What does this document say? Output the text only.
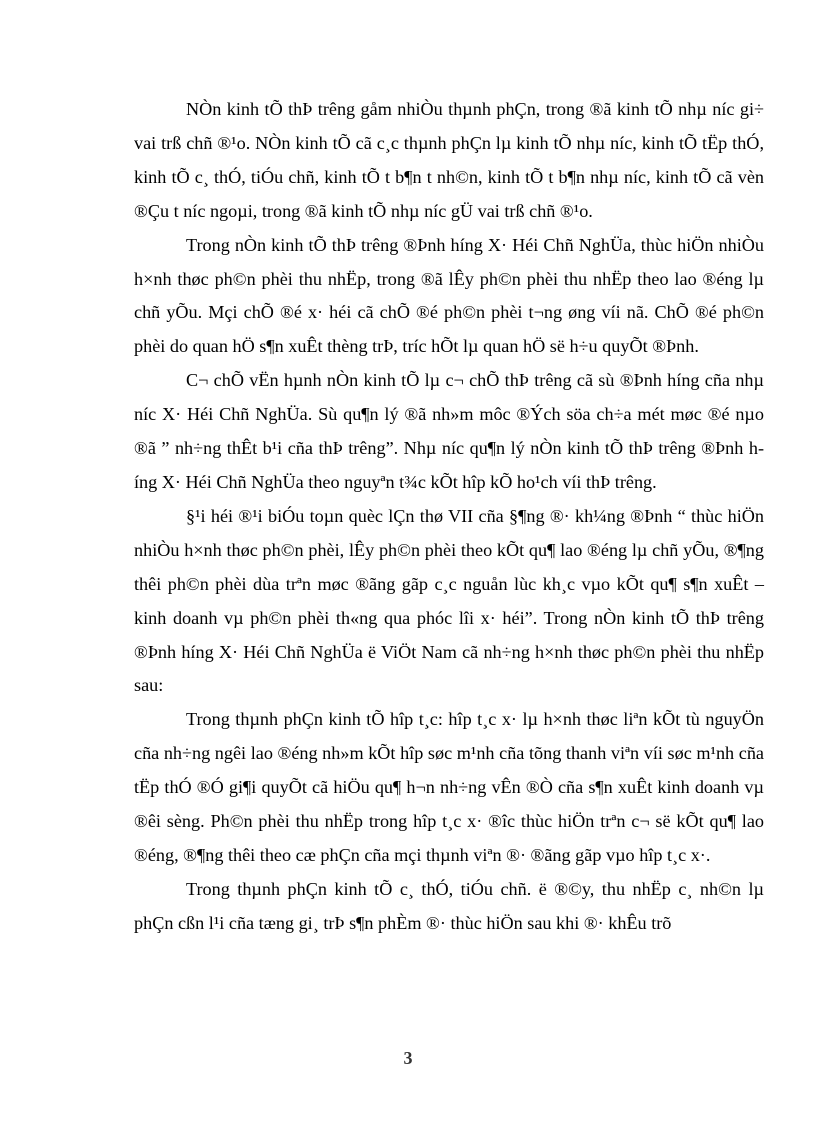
NÒn kinh tÕ thÞ trêng gåm nhiÒu thµnh phÇn, trong ®ã kinh tÕ nhµ níc gi÷ vai trß chñ ®¹o. NÒn kinh tÕ cã c¸c thµnh phÇn lµ kinh tÕ nhµ níc, kinh tÕ tËp thÓ, kinh tÕ c¸ thÓ, tiÓu chñ, kinh tÕ t b¶n t nh©n, kinh tÕ t b¶n nhµ níc, kinh tÕ cã vèn ®Çu t níc ngoµi, trong ®ã kinh tÕ nhµ níc gÜ vai trß chñ ®¹o.

Trong nÒn kinh tÕ thÞ trêng ®Þnh híng X· Héi Chñ NghÜa, thùc hiÖn nhiÒu h×nh thøc ph©n phèi thu nhËp, trong ®ã lÊy ph©n phèi thu nhËp theo lao ®éng lµ chñ yÕu. Mçi chÕ ®é x· héi cã chÕ ®é ph©n phèi t¬ng øng víi nã. ChÕ ®é ph©n phèi do quan hÖ s¶n xuÊt thèng trÞ, tríc hÕt lµ quan hÖ së h÷u quyÕt ®Þnh.

C¬ chÕ vËn hµnh nÒn kinh tÕ lµ c¬ chÕ thÞ trêng cã sù ®Þnh híng cña nhµ níc X· Héi Chñ NghÜa. Sù qu¶n lý ®ã nh»m môc ®Ých söa ch÷a mét møc ®é nµo ®ã ” nh÷ng thÊt b¹i cña thÞ trêng”. Nhµ níc qu¶n lý nÒn kinh tÕ thÞ trêng ®Þnh híng X· Héi Chñ NghÜa theo nguyªn t¾c kÕt hîp kÕ ho¹ch víi thÞ trêng.

§¹i héi ®¹i biÓu toµn quèc lÇn thø VII cña §¶ng ®· kh¼ng ®Þnh “ thùc hiÖn nhiÒu h×nh thøc ph©n phèi, lÊy ph©n phèi theo kÕt qu¶ lao ®éng lµ chñ yÕu, ®¶ng thêi ph©n phèi dùa trªn møc ®ãng gãp c¸c nguån lùc kh¸c vµo kÕt qu¶ s¶n xuÊt – kinh doanh vµ ph©n phèi th«ng qua phóc lîi x· héi”. Trong nÒn kinh tÕ thÞ trêng ®Þnh híng X· Héi Chñ NghÜa ë ViÖt Nam cã nh÷ng h×nh thøc ph©n phèi thu nhËp sau:

Trong thµnh phÇn kinh tÕ hîp t¸c: hîp t¸c x· lµ h×nh thøc liªn kÕt tù nguyÖn cña nh÷ng ngêi lao ®éng nh»m kÕt hîp søc m¹nh cña tõng thanh viªn víi søc m¹nh cña tËp thÓ ®Ó gi¶i quyÕt cã hiÖu qu¶ h¬n nh÷ng vÊn ®Ò cña s¶n xuÊt kinh doanh vµ ®êi sèng. Ph©n phèi thu nhËp trong hîp t¸c x· ®îc thùc hiÖn trªn c¬ së kÕt qu¶ lao ®éng, ®¶ng thêi theo cæ phÇn cña mçi thµnh viªn ®· ®ãng gãp vµo hîp t¸c x·.

Trong thµnh phÇn kinh tÕ c¸ thÓ, tiÓu chñ. ë ®©y, thu nhËp c¸ nh©n lµ phÇn cßn l¹i cña tæng gi¸ trÞ s¶n phÈm ®· thùc hiÖn sau khi ®· khÊu trõ

3
